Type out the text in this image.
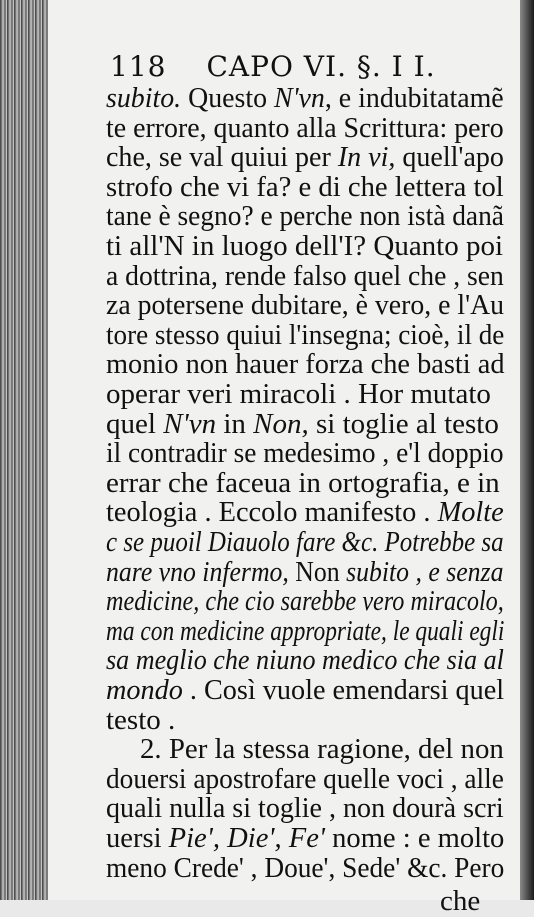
118 CAPO VI. §. I I.
subito. Questo N'vn, e indubitatamẽ
te errore, quanto alla Scrittura: pero
che, se val quiui per In vi, quell'apo
strofo che vi fa? e di che lettera tol
tane è segno? e perche non istà danã
ti all'N in luogo dell'I? Quanto poi
a dottrina, rende falso quel che , sen
za potersene dubitare, è vero, e l'Au
tore stesso quiui l'insegna; cioè, il de
monio non hauer forza che basti ad
operar veri miracoli . Hor mutato
quel N'vn in Non, si toglie al testo
il contradir se medesimo , e'l doppio
errar che faceua in ortografia, e in
teologia . Eccolo manifesto . Molte
c se puoil Diauolo fare &c. Potrebbe sa
nare vno infermo, Non subito , e senza
medicine, che cio sarebbe vero miracolo,
ma con medicine appropriate, le quali egli
sa meglio che niuno medico che sia al
mondo . Così vuole emendarsi quel
testo .
2. Per la stessa ragione, del non
douersi apostrofare quelle voci , alle
quali nulla si toglie , non dourà scri
uersi Pie', Die', Fe' nome : e molto
meno Crede' , Doue', Sede' &c. Pero
che
